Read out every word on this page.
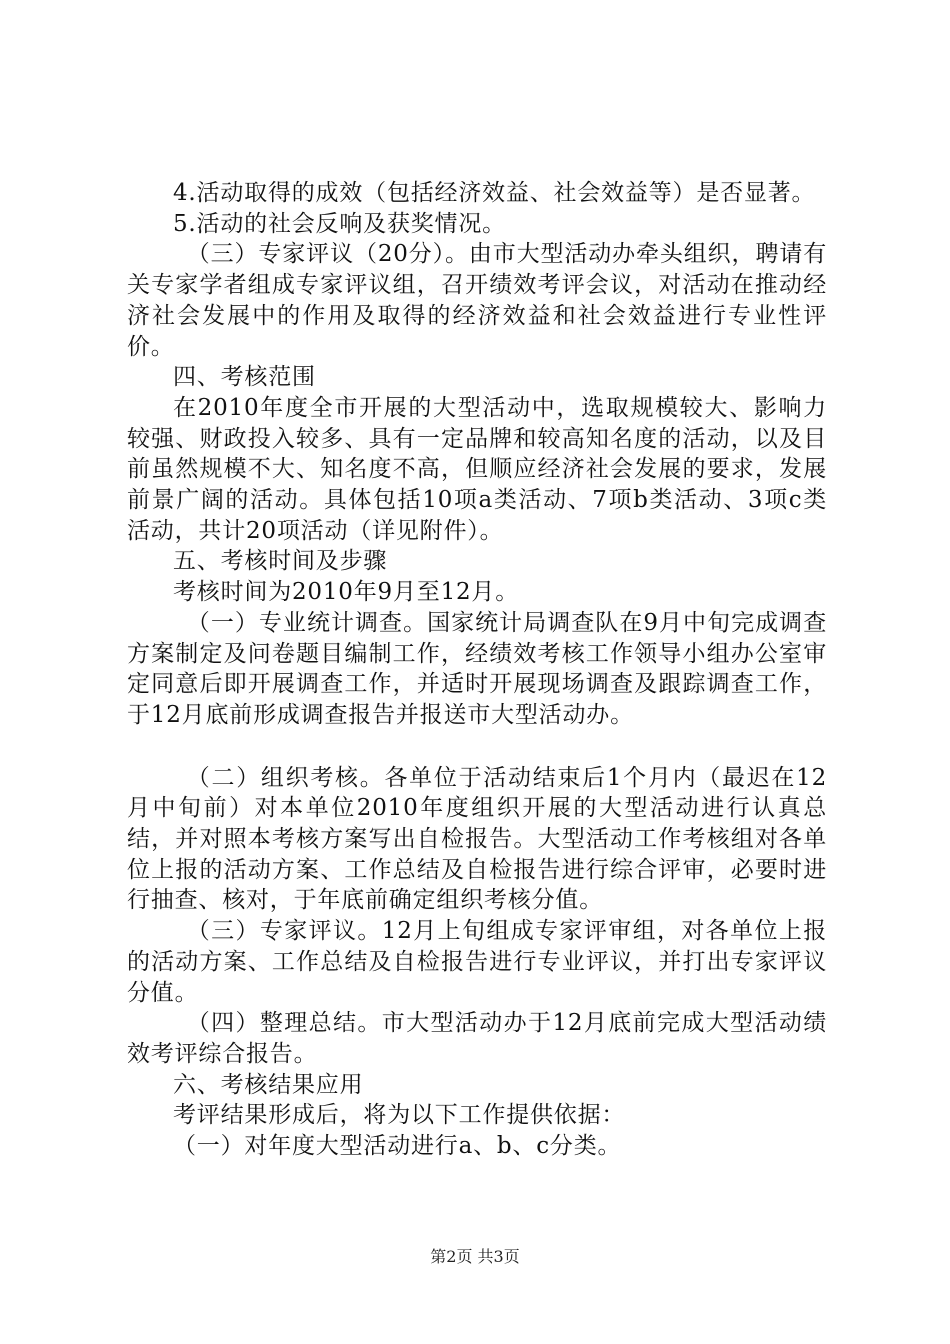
4.活动取得的成效（包括经济效益、社会效益等）是否显著。

5.活动的社会反响及获奖情况。

（三）专家评议（20分）。由市大型活动办牵头组织，聘请有关专家学者组成专家评议组，召开绩效考评会议，对活动在推动经济社会发展中的作用及取得的经济效益和社会效益进行专业性评价。

四、考核范围

在2010年度全市开展的大型活动中，选取规模较大、影响力较强、财政投入较多、具有一定品牌和较高知名度的活动，以及目前虽然规模不大、知名度不高，但顺应经济社会发展的要求，发展前景广阔的活动。具体包括10项a类活动、7项b类活动、3项c类活动，共计20项活动（详见附件）。

五、考核时间及步骤

考核时间为2010年9月至12月。

（一）专业统计调查。国家统计局调查队在9月中旬完成调查方案制定及问卷题目编制工作，经绩效考核工作领导小组办公室审定同意后即开展调查工作，并适时开展现场调查及跟踪调查工作，于12月底前形成调查报告并报送市大型活动办。

（二）组织考核。各单位于活动结束后1个月内（最迟在12月中旬前）对本单位2010年度组织开展的大型活动进行认真总结，并对照本考核方案写出自检报告。大型活动工作考核组对各单位上报的活动方案、工作总结及自检报告进行综合评审，必要时进行抽查、核对，于年底前确定组织考核分值。

（三）专家评议。12月上旬组成专家评审组，对各单位上报的活动方案、工作总结及自检报告进行专业评议，并打出专家评议分值。

（四）整理总结。市大型活动办于12月底前完成大型活动绩效考评综合报告。

六、考核结果应用

考评结果形成后，将为以下工作提供依据：

（一）对年度大型活动进行a、b、c分类。

第2页 共3页
